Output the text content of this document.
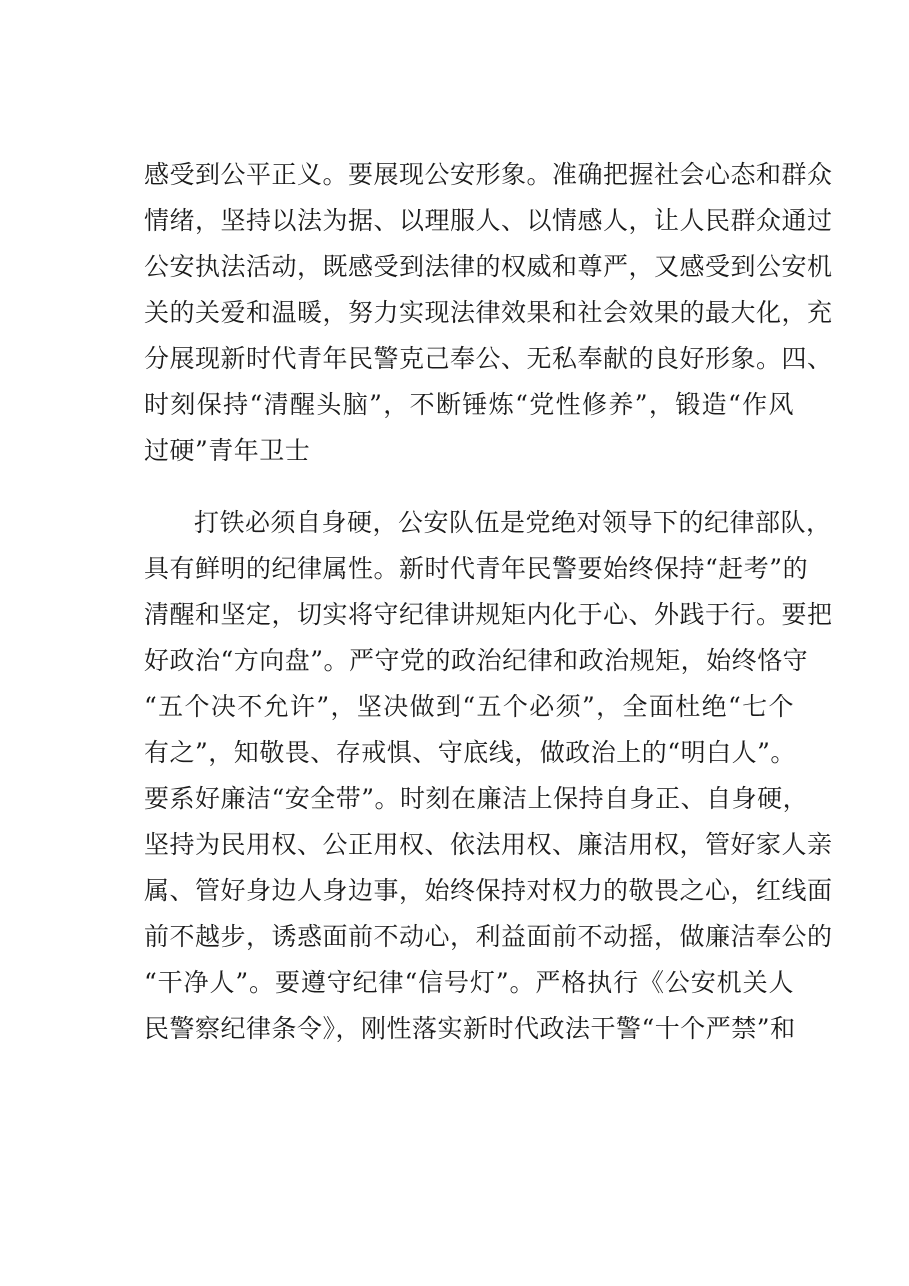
感受到公平正义。要展现公安形象。准确把握社会心态和群众
情绪，坚持以法为据、以理服人、以情感人，让人民群众通过
公安执法活动，既感受到法律的权威和尊严，又感受到公安机
关的关爱和温暖，努力实现法律效果和社会效果的最大化，充
分展现新时代青年民警克己奉公、无私奉献的良好形象。四、
时刻保持“清醒头脑”，不断锤炼“党性修养”，锻造“作风
过硬”青年卫士
打铁必须自身硬，公安队伍是党绝对领导下的纪律部队，
具有鲜明的纪律属性。新时代青年民警要始终保持“赶考”的
清醒和坚定，切实将守纪律讲规矩内化于心、外践于行。要把
好政治“方向盘”。严守党的政治纪律和政治规矩，始终恪守
“五个决不允许”，坚决做到“五个必须”，全面杜绝“七个
有之”，知敬畏、存戒惧、守底线，做政治上的“明白人”。
要系好廉洁“安全带”。时刻在廉洁上保持自身正、自身硬，
坚持为民用权、公正用权、依法用权、廉洁用权，管好家人亲
属、管好身边人身边事，始终保持对权力的敬畏之心，红线面
前不越步，诱惑面前不动心，利益面前不动摇，做廉洁奉公的
“干净人”。要遵守纪律“信号灯”。严格执行《公安机关人
民警察纪律条令》，刚性落实新时代政法干警“十个严禁”和
